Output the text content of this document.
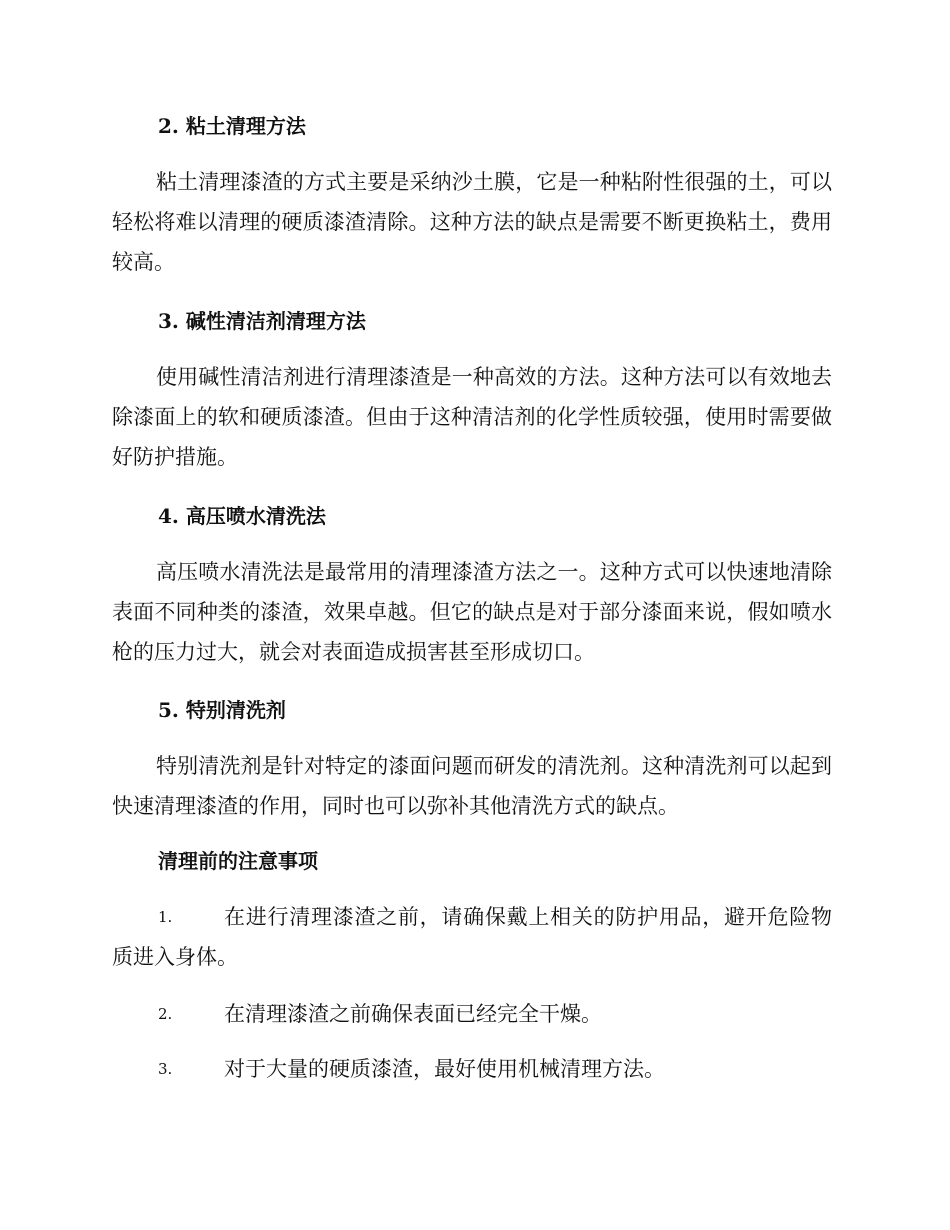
2. 粘土清理方法

粘土清理漆渣的方式主要是采纳沙土膜，它是一种粘附性很强的土，可以轻松将难以清理的硬质漆渣清除。这种方法的缺点是需要不断更换粘土，费用较高。

3. 碱性清洁剂清理方法

使用碱性清洁剂进行清理漆渣是一种高效的方法。这种方法可以有效地去除漆面上的软和硬质漆渣。但由于这种清洁剂的化学性质较强，使用时需要做好防护措施。

4. 高压喷水清洗法

高压喷水清洗法是最常用的清理漆渣方法之一。这种方式可以快速地清除表面不同种类的漆渣，效果卓越。但它的缺点是对于部分漆面来说，假如喷水枪的压力过大，就会对表面造成损害甚至形成切口。

5. 特别清洗剂

特别清洗剂是针对特定的漆面问题而研发的清洗剂。这种清洗剂可以起到快速清理漆渣的作用，同时也可以弥补其他清洗方式的缺点。

清理前的注意事项
1.	在进行清理漆渣之前，请确保戴上相关的防护用品，避开危险物质进入身体。
2.	在清理漆渣之前确保表面已经完全干燥。
3.	对于大量的硬质漆渣，最好使用机械清理方法。
